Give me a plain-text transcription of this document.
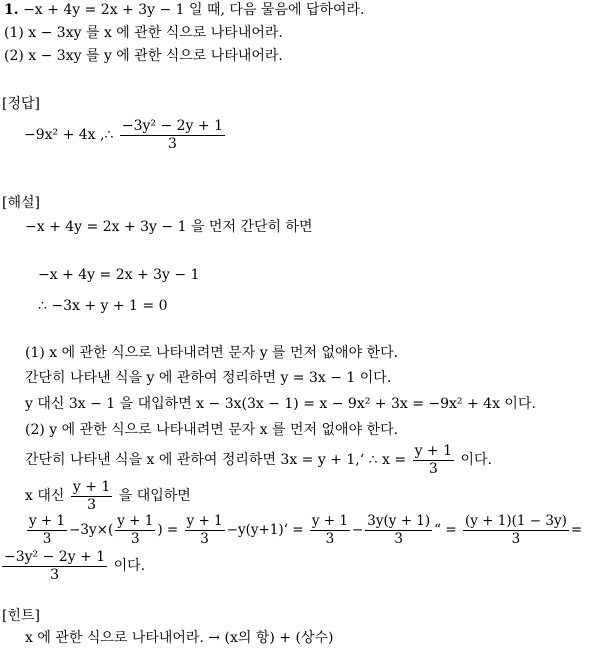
1. −x + 4y = 2x + 3y − 1 일 때, 다음 물음에 답하여라.
(1) x − 3xy 를 x 에 관한 식으로 나타내어라.
(2) x − 3xy 를 y 에 관한 식으로 나타내어라.
[정답]
−9x² + 4x ,∴ $\frac{\text{−3y² − 2y + 1}}{3}$
[해설]
−x + 4y = 2x + 3y − 1 을 먼저 간단히 하면
−x + 4y = 2x + 3y − 1
∴ −3x + y + 1 = 0
(1) x 에 관한 식으로 나타내려면 문자 y 를 먼저 없애야 한다.
간단히 나타낸 식을 y 에 관하여 정리하면 y = 3x − 1 이다.
y 대신 3x − 1 을 대입하면 x − 3x(3x − 1) = x − 9x² + 3x = −9x² + 4x 이다.
(2) y 에 관한 식으로 나타내려면 문자 x 를 먼저 없애야 한다.
간단히 나타낸 식을 x 에 관하여 정리하면 3x = y + 1,‘ ∴ $x = \frac{y + 1}{3}$ 이다.
x 대신 $\frac{y + 1}{3}$ 을 대입하면
$\frac{y + 1}{3} -3y\times( \frac{y + 1}{3}$ ) = $\frac{y + 1}{3}$ −y(y+1)‘ = $\frac{y + 1}{3} - \frac{3y(y + 1)}{3}$ “ = $\frac{(y + 1)(1 - 3y)}{3}$ =
$\frac{\text{−3y² − 2y + 1}}{3}$ 이다.
[힌트]
x 에 관한 식으로 나타내어라. → (x의 항) + (상수)
